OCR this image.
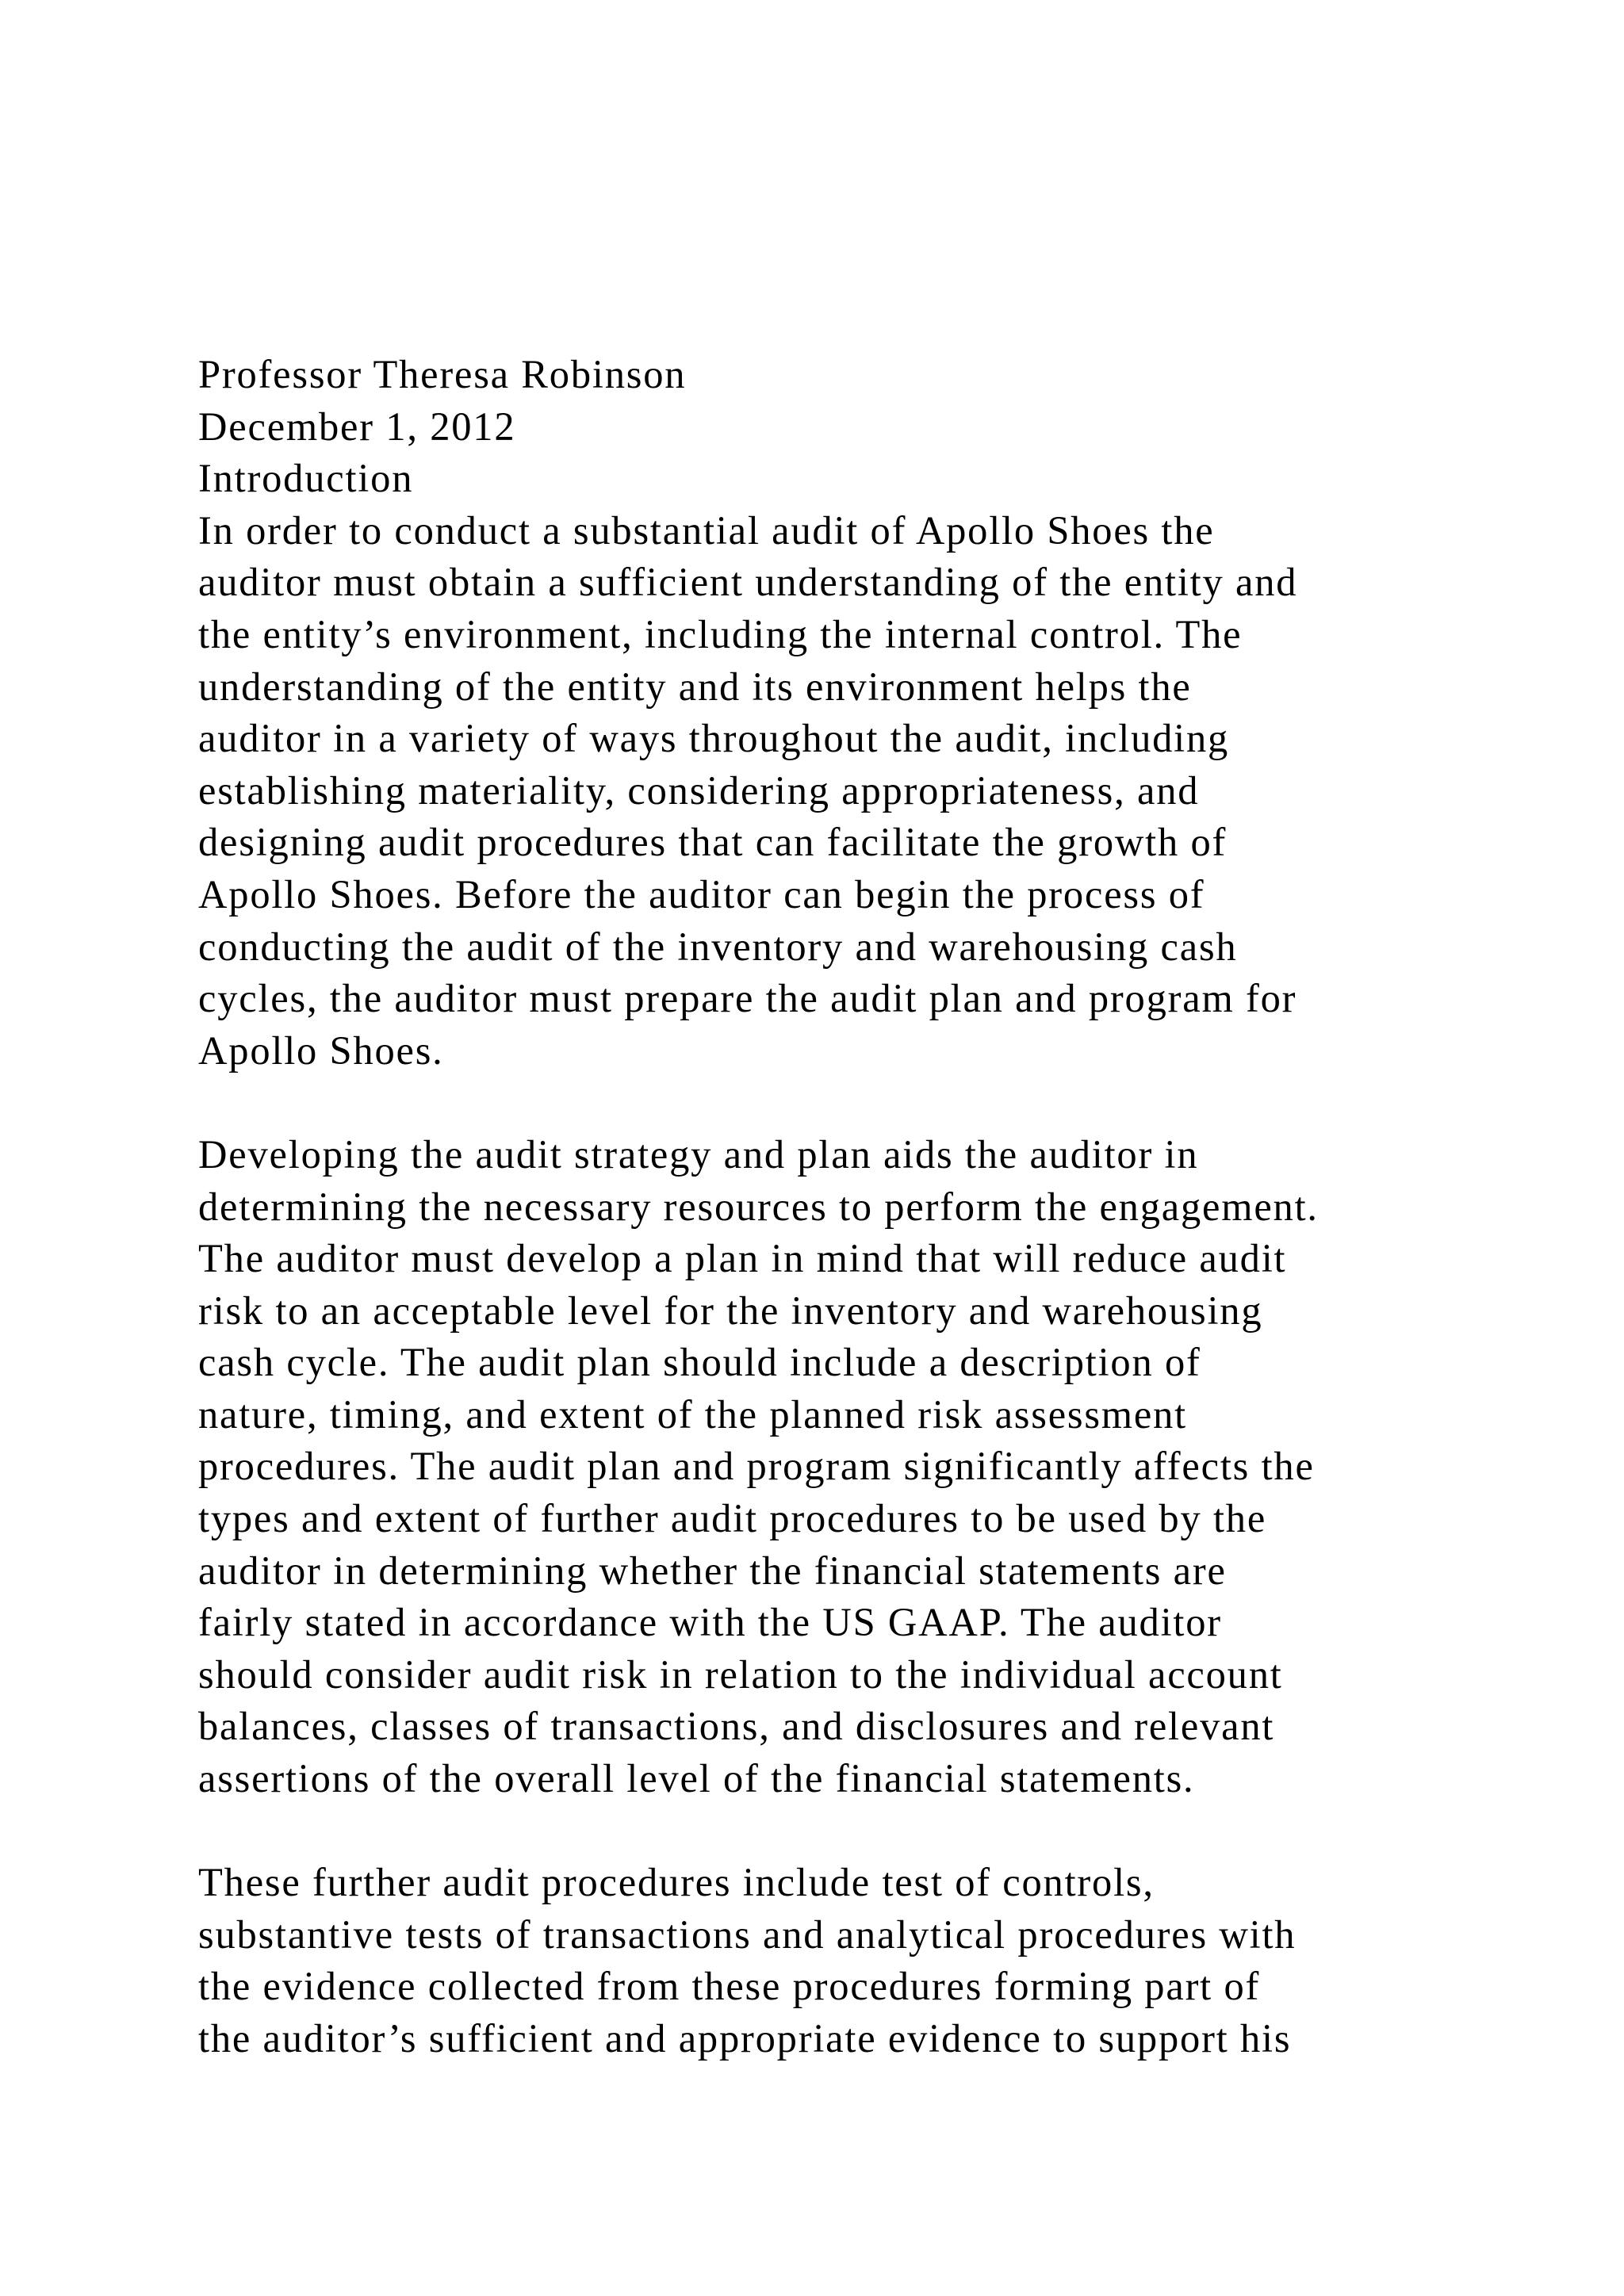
Professor Theresa Robinson
December 1, 2012
Introduction
In order to conduct a substantial audit of Apollo Shoes the
auditor must obtain a sufficient understanding of the entity and
the entity’s environment, including the internal control. The
understanding of the entity and its environment helps the
auditor in a variety of ways throughout the audit, including
establishing materiality, considering appropriateness, and
designing audit procedures that can facilitate the growth of
Apollo Shoes. Before the auditor can begin the process of
conducting the audit of the inventory and warehousing cash
cycles, the auditor must prepare the audit plan and program for
Apollo Shoes.
Developing the audit strategy and plan aids the auditor in
determining the necessary resources to perform the engagement.
The auditor must develop a plan in mind that will reduce audit
risk to an acceptable level for the inventory and warehousing
cash cycle. The audit plan should include a description of
nature, timing, and extent of the planned risk assessment
procedures. The audit plan and program significantly affects the
types and extent of further audit procedures to be used by the
auditor in determining whether the financial statements are
fairly stated in accordance with the US GAAP. The auditor
should consider audit risk in relation to the individual account
balances, classes of transactions, and disclosures and relevant
assertions of the overall level of the financial statements.
These further audit procedures include test of controls,
substantive tests of transactions and analytical procedures with
the evidence collected from these procedures forming part of
the auditor’s sufficient and appropriate evidence to support his
